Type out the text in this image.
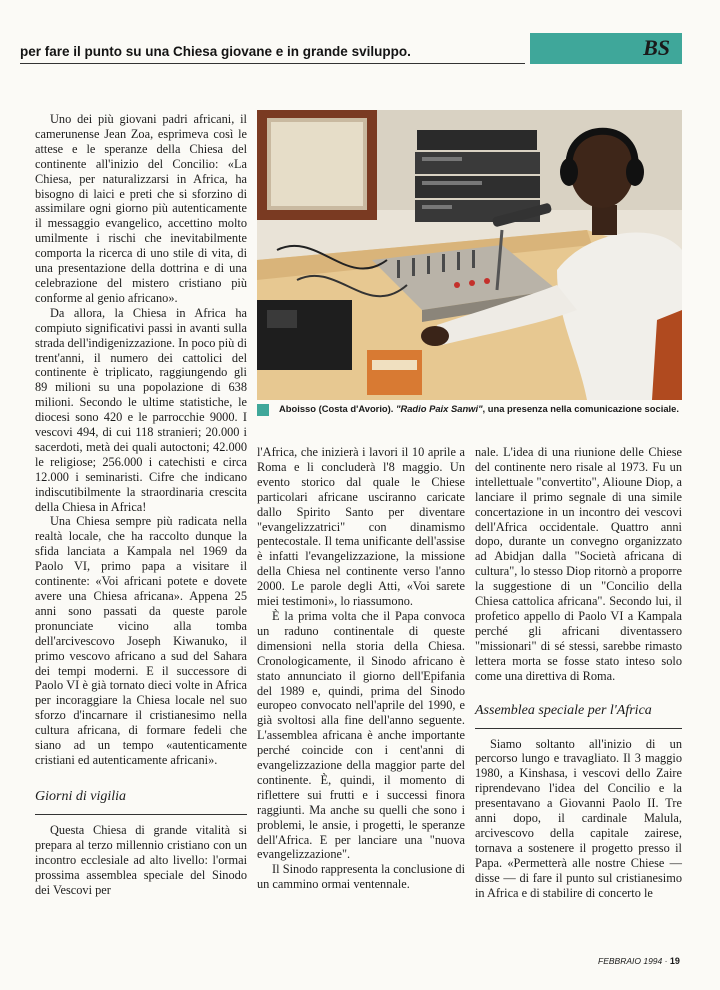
per fare il punto su una Chiesa giovane e in grande sviluppo.	BS

Uno dei più giovani padri africani, il camerunense Jean Zoa, esprimeva così le attese e le speranze della Chiesa del continente all'inizio del Concilio: «La Chiesa, per naturalizzarsi in Africa, ha bisogno di laici e preti che si sforzino di assimilare ogni giorno più autenticamente il messaggio evangelico, accettino molto umilmente i rischi che inevitabilmente comporta la ricerca di uno stile di vita, di una presentazione della dottrina e di una celebrazione del mistero cristiano più conforme al genio africano».

Da allora, la Chiesa in Africa ha compiuto significativi passi in avanti sulla strada dell'indigenizzazione. In poco più di trent'anni, il numero dei cattolici del continente è triplicato, raggiungendo gli 89 milioni su una popolazione di 638 milioni. Secondo le ultime statistiche, le diocesi sono 420 e le parrocchie 9000. I vescovi 494, di cui 118 stranieri; 20.000 i sacerdoti, metà dei quali autoctoni; 42.000 le religiose; 256.000 i catechisti e circa 12.000 i seminaristi. Cifre che indicano indiscutibilmente la straordinaria crescita della Chiesa in Africa!

Una Chiesa sempre più radicata nella realtà locale, che ha raccolto dunque la sfida lanciata a Kampala nel 1969 da Paolo VI, primo papa a visitare il continente: «Voi africani potete e dovete avere una Chiesa africana». Appena 25 anni sono passati da queste parole pronunciate vicino alla tomba dell'arcivescovo Joseph Kiwanuko, il primo vescovo africano a sud del Sahara dei tempi moderni. E il successore di Paolo VI è già tornato dieci volte in Africa per incoraggiare la Chiesa locale nel suo sforzo d'incarnare il cristianesimo nella cultura africana, di formare fedeli che siano ad un tempo «autenticamente cristiani ed autenticamente africani».

Giorni di vigilia

Questa Chiesa di grande vitalità si prepara al terzo millennio cristiano con un incontro ecclesiale ad alto livello: l'ormai prossima assemblea speciale del Sinodo dei Vescovi per

Aboisso (Costa d'Avorio). "Radio Paix Sanwi", una presenza nella comunicazione sociale.

l'Africa, che inizierà i lavori il 10 aprile a Roma e li concluderà l'8 maggio. Un evento storico dal quale le Chiese particolari africane usciranno caricate dallo Spirito Santo per diventare "evangelizzatrici" con dinamismo pentecostale. Il tema unificante dell'assise è infatti l'evangelizzazione, la missione della Chiesa nel continente verso l'anno 2000. Le parole degli Atti, «Voi sarete miei testimoni», lo riassumono.

È la prima volta che il Papa convoca un raduno continentale di queste dimensioni nella storia della Chiesa. Cronologicamente, il Sinodo africano è stato annunciato il giorno dell'Epifania del 1989 e, quindi, prima del Sinodo europeo convocato nell'aprile del 1990, e già svoltosi alla fine dell'anno seguente. L'assemblea africana è anche importante perché coincide con i cent'anni di evangelizzazione della maggior parte del continente. È, quindi, il momento di riflettere sui frutti e i successi finora raggiunti. Ma anche su quelli che sono i problemi, le ansie, i progetti, le speranze dell'Africa. E per lanciare una "nuova evangelizzazione".

Il Sinodo rappresenta la conclusione di un cammino ormai ventennale.

nale. L'idea di una riunione delle Chiese del continente nero risale al 1973. Fu un intellettuale "convertito", Alioune Diop, a lanciare il primo segnale di una simile concertazione in un incontro dei vescovi dell'Africa occidentale. Quattro anni dopo, durante un convegno organizzato ad Abidjan dalla "Società africana di cultura", lo stesso Diop ritornò a proporre la suggestione di un "Concilio della Chiesa cattolica africana". Secondo lui, il profetico appello di Paolo VI a Kampala perché gli africani diventassero "missionari" di sé stessi, sarebbe rimasto lettera morta se fosse stato inteso solo come una direttiva di Roma.

Assemblea speciale per l'Africa

Siamo soltanto all'inizio di un percorso lungo e travagliato. Il 3 maggio 1980, a Kinshasa, i vescovi dello Zaire riprendevano l'idea del Concilio e la presentavano a Giovanni Paolo II. Tre anni dopo, il cardinale Malula, arcivescovo della capitale zairese, tornava a sostenere il progetto presso il Papa. «Permetterà alle nostre Chiese — disse — di fare il punto sul cristianesimo in Africa e di stabilire di concerto le

FEBBRAIO 1994 · 19
